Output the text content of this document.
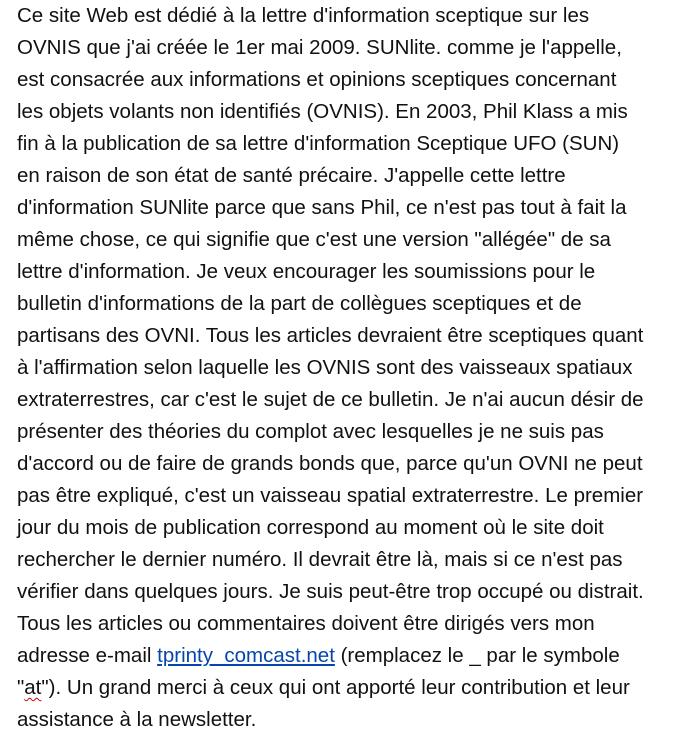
Ce site Web est dédié à la lettre d'information sceptique sur les
OVNIS que j'ai créée le 1er mai 2009. SUNlite. comme je l'appelle,
est consacrée aux informations et opinions sceptiques concernant
les objets volants non identifiés (OVNIS). En 2003, Phil Klass a mis
fin à la publication de sa lettre d'information Sceptique UFO (SUN)
en raison de son état de santé précaire. J'appelle cette lettre
d'information SUNlite parce que sans Phil, ce n'est pas tout à fait la
même chose, ce qui signifie que c'est une version "allégée" de sa
lettre d'information. Je veux encourager les soumissions pour le
bulletin d'informations de la part de collègues sceptiques et de
partisans des OVNI. Tous les articles devraient être sceptiques quant
à l'affirmation selon laquelle les OVNIS sont des vaisseaux spatiaux
extraterrestres, car c'est le sujet de ce bulletin. Je n'ai aucun désir de
présenter des théories du complot avec lesquelles je ne suis pas
d'accord ou de faire de grands bonds que, parce qu'un OVNI ne peut
pas être expliqué, c'est un vaisseau spatial extraterrestre. Le premier
jour du mois de publication correspond au moment où le site doit
rechercher le dernier numéro. Il devrait être là, mais si ce n'est pas
vérifier dans quelques jours. Je suis peut-être trop occupé ou distrait.
Tous les articles ou commentaires doivent être dirigés vers mon
adresse e-mail tprinty_comcast.net (remplacez le _ par le symbole
"at"). Un grand merci à ceux qui ont apporté leur contribution et leur
assistance à la newsletter.
